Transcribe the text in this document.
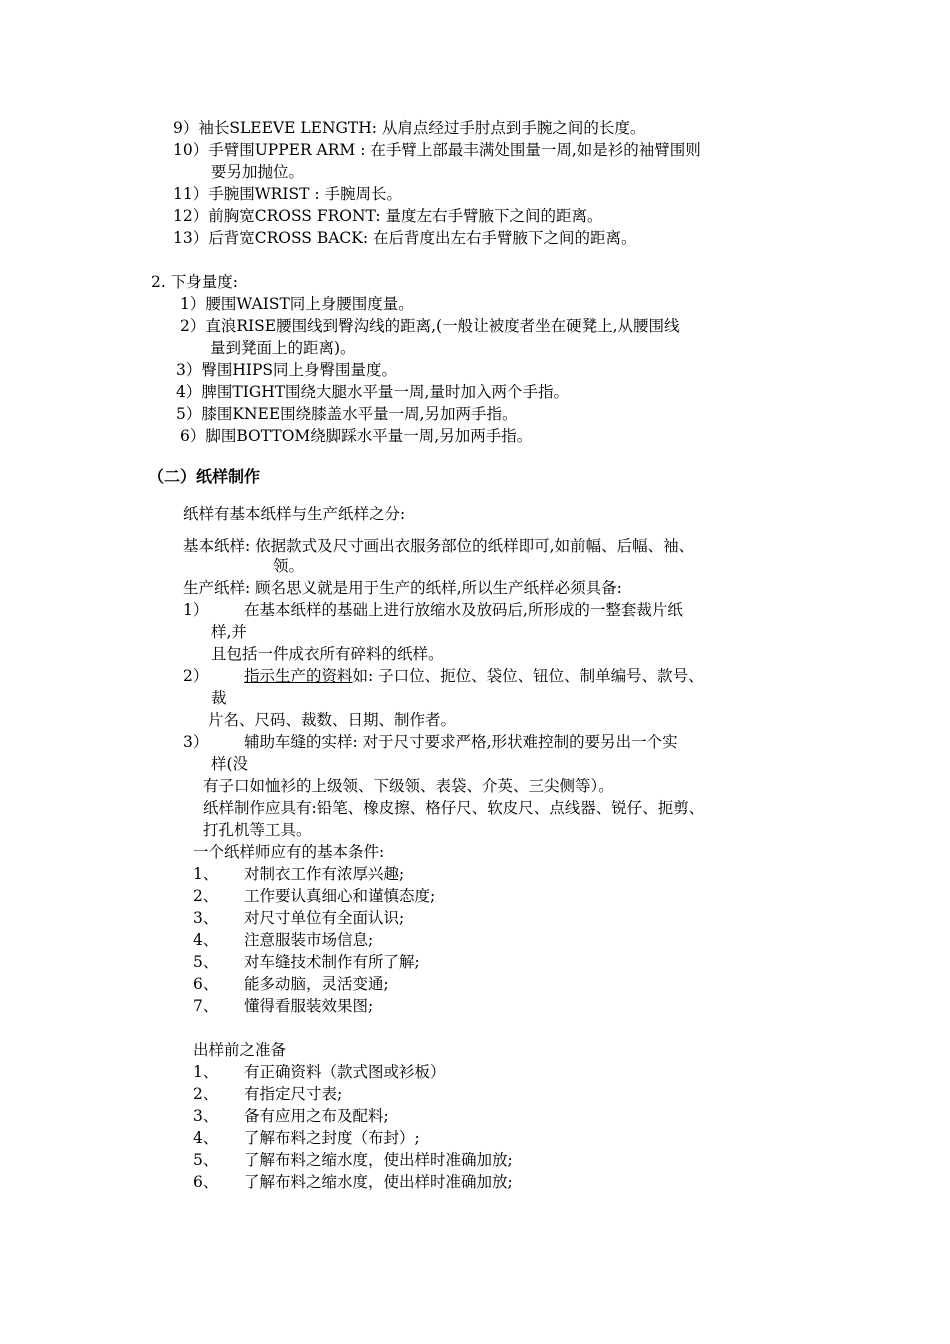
9）袖长SLEEVE LENGTH: 从肩点经过手肘点到手腕之间的长度。
10）手臂围UPPER ARM : 在手臂上部最丰满处围量一周,如是衫的袖臂围则
要另加抛位。
11）手腕围WRIST : 手腕周长。
12）前胸宽CROSS FRONT: 量度左右手臂腋下之间的距离。
13）后背宽CROSS BACK: 在后背度出左右手臂腋下之间的距离。
2. 下身量度:
1）腰围WAIST同上身腰围度量。
2）直浪RISE腰围线到臀沟线的距离,(一般让被度者坐在硬凳上,从腰围线
量到凳面上的距离)。
3）臀围HIPS同上身臀围量度。
4）脾围TIGHT围绕大腿水平量一周,量时加入两个手指。
5）膝围KNEE围绕膝盖水平量一周,另加两手指。
6）脚围BOTTOM绕脚踩水平量一周,另加两手指。
（二）纸样制作
纸样有基本纸样与生产纸样之分:
基本纸样: 依据款式及尺寸画出衣服务部位的纸样即可,如前幅、后幅、袖、
领。
生产纸样: 顾名思义就是用于生产的纸样,所以生产纸样必须具备:
1） 在基本纸样的基础上进行放缩水及放码后,所形成的一整套裁片纸
样,并
且包括一件成衣所有碎料的纸样。
2） 指示生产的资料如: 子口位、扼位、袋位、钮位、制单编号、款号、
裁
片名、尺码、裁数、日期、制作者。
3） 辅助车缝的实样: 对于尺寸要求严格,形状难控制的要另出一个实
样(没
有子口如恤衫的上级领、下级领、表袋、介英、三尖侧等）。
纸样制作应具有:铅笔、橡皮擦、格仔尺、软皮尺、点线器、锐仔、扼剪、
打孔机等工具。
一个纸样师应有的基本条件:
1、 对制衣工作有浓厚兴趣;
2、 工作要认真细心和谨慎态度;
3、 对尺寸单位有全面认识;
4、 注意服装市场信息;
5、 对车缝技术制作有所了解;
6、 能多动脑，灵活变通;
7、 懂得看服装效果图;
出样前之准备
1、 有正确资料（款式图或衫板）
2、 有指定尺寸表;
3、 备有应用之布及配料;
4、 了解布料之封度（布封）;
5、 了解布料之缩水度，使出样时准确加放;
6、 了解布料之缩水度，使出样时准确加放;
